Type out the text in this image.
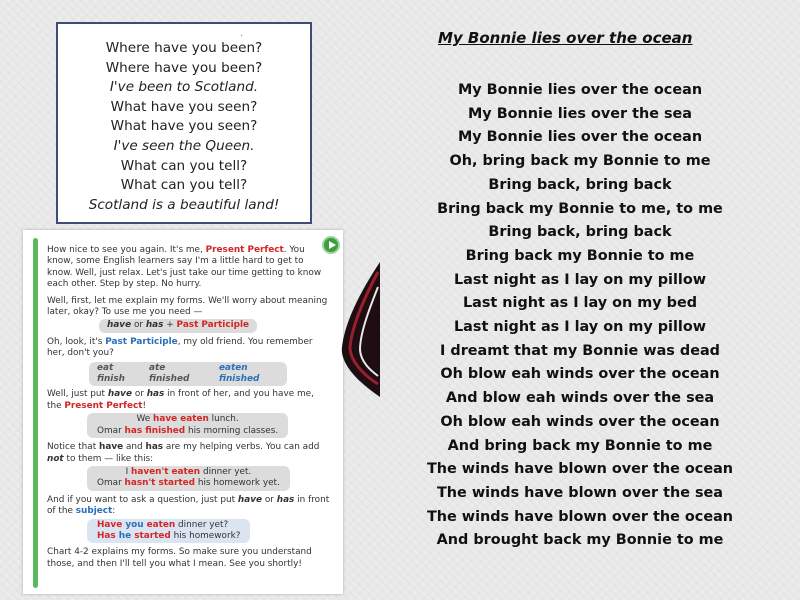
.
Where have you been?
Where have you been?
I've been to Scotland.
What have you seen?
What have you seen?
I've seen the Queen.
What can you tell?
What can you tell?
Scotland is a beautiful land!

How nice to see you again. It's me, Present Perfect. You know, some English learners say I'm a little hard to get to know. Well, just relax. Let's just take our time getting to know each other. Step by step. No hurry.

Well, first, let me explain my forms. We'll worry about meaning later, okay? To use me you need —

have or has + Past Participle

Oh, look, it's Past Participle, my old friend. You remember her, don't you?

eat	ate	eaten
finish	finished	finished

Well, just put have or has in front of her, and you have me, the Present Perfect!

We have eaten lunch.
Omar has finished his morning classes.

Notice that have and has are my helping verbs. You can add not to them — like this:

I haven't eaten dinner yet.
Omar hasn't started his homework yet.

And if you want to ask a question, just put have or has in front of the subject:

Have you eaten dinner yet?
Has he started his homework?

Chart 4-2 explains my forms. So make sure you understand those, and then I'll tell you what I mean. See you shortly!

My Bonnie lies over the ocean
My Bonnie lies over the ocean
My Bonnie lies over the sea
My Bonnie lies over the ocean
Oh, bring back my Bonnie to me
Bring back, bring back
Bring back my Bonnie to me, to me
Bring back, bring back
Bring back my Bonnie to me
Last night as I lay on my pillow
Last night as I lay on my bed
Last night as I lay on my pillow
I dreamt that my Bonnie was dead
Oh blow eah winds over the ocean
And blow eah winds over the sea
Oh blow eah winds over the ocean
And bring back my Bonnie to me
The winds have blown over the ocean
The winds have blown over the sea
The winds have blown over the ocean
And brought back my Bonnie to me
